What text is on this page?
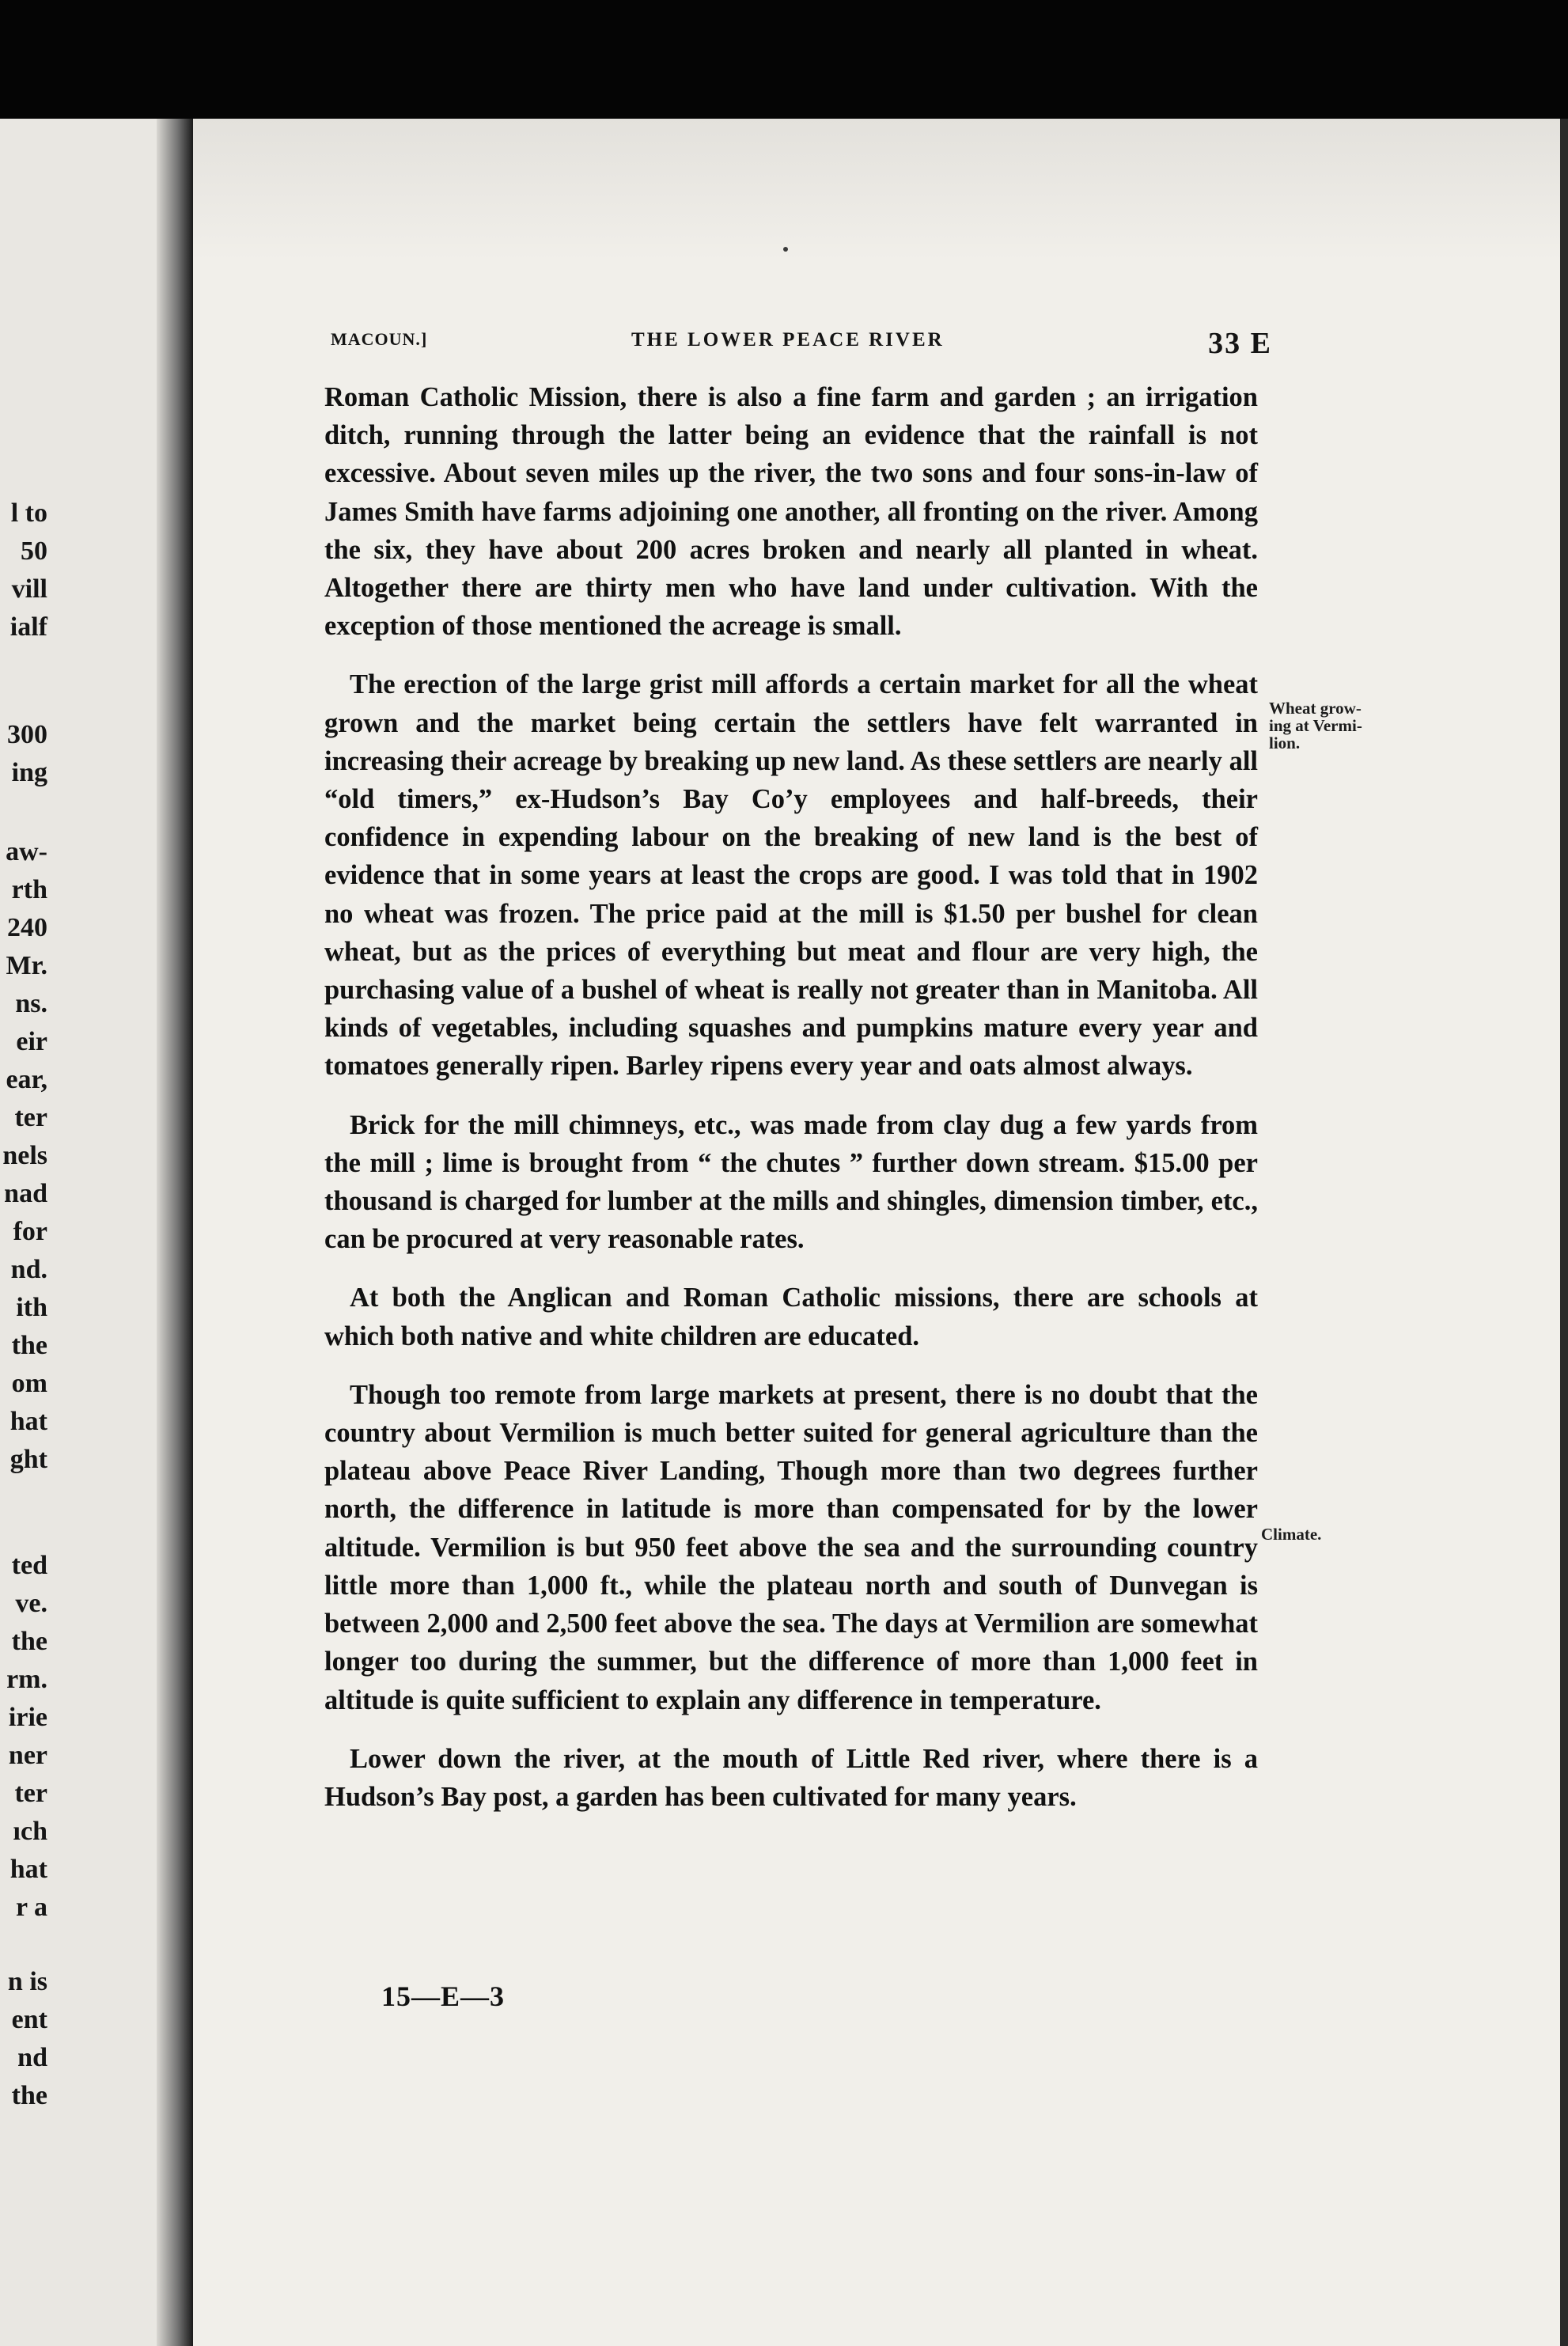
l to
50
vill
ialf
300
ing
aw-
rth
240
Mr.
ns.
eir
ear,
ter
nels
nad
for
nd.
ith
the
om
hat
ght
ted
ve.
the
rm.
irie
ner
ter
ıch
hat
r a
n is
ent
nd
the
MACOUN.]	THE LOWER PEACE RIVER	33 E

Roman Catholic Mission, there is also a fine farm and garden ; an irrigation ditch, running through the latter being an evidence that the rainfall is not excessive. About seven miles up the river, the two sons and four sons-in-law of James Smith have farms adjoining one another, all fronting on the river. Among the six, they have about 200 acres broken and nearly all planted in wheat. Altogether there are thirty men who have land under cultivation. With the exception of those mentioned the acreage is small.

The erection of the large grist mill affords a certain market for all the wheat grown and the market being certain the settlers have felt warranted in increasing their acreage by breaking up new land. As these settlers are nearly all “old timers,” ex-Hudson’s Bay Co’y employees and half-breeds, their confidence in expending labour on the breaking of new land is the best of evidence that in some years at least the crops are good. I was told that in 1902 no wheat was frozen. The price paid at the mill is $1.50 per bushel for clean wheat, but as the prices of everything but meat and flour are very high, the purchasing value of a bushel of wheat is really not greater than in Manitoba. All kinds of vegetables, including squashes and pumpkins mature every year and tomatoes generally ripen. Barley ripens every year and oats almost always.

Brick for the mill chimneys, etc., was made from clay dug a few yards from the mill ; lime is brought from “ the chutes ” further down stream. $15.00 per thousand is charged for lumber at the mills and shingles, dimension timber, etc., can be procured at very reasonable rates.

At both the Anglican and Roman Catholic missions, there are schools at which both native and white children are educated.

Though too remote from large markets at present, there is no doubt that the country about Vermilion is much better suited for general agriculture than the plateau above Peace River Landing, Though more than two degrees further north, the difference in latitude is more than compensated for by the lower altitude. Vermilion is but 950 feet above the sea and the surrounding country little more than 1,000 ft., while the plateau north and south of Dunvegan is between 2,000 and 2,500 feet above the sea. The days at Vermilion are somewhat longer too during the summer, but the difference of more than 1,000 feet in altitude is quite sufficient to explain any difference in temperature.

Lower down the river, at the mouth of Little Red river, where there is a Hudson’s Bay post, a garden has been cultivated for many years.

Wheat grow-
ing at Vermi-
lion.
Climate.
15—E—3
